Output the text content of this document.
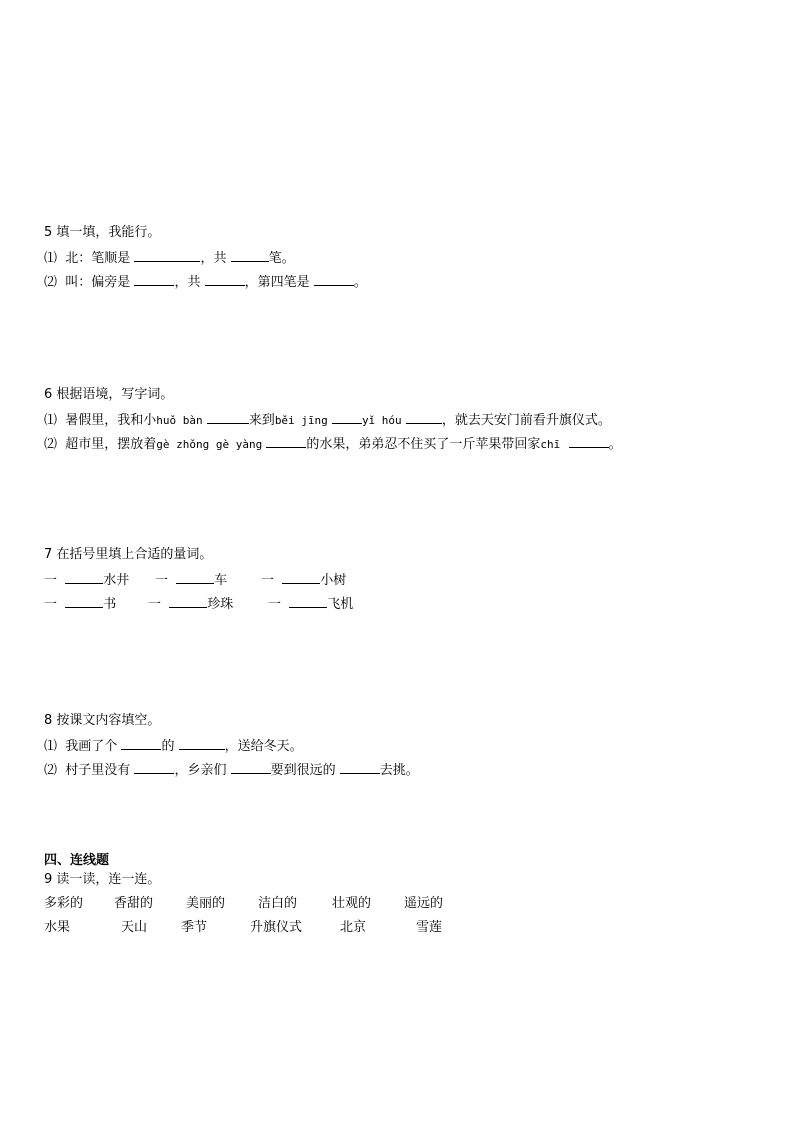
5 填一填，我能行。
⑴ 北：笔顺是	，共	笔。
⑵ 叫：偏旁是	，共	，第四笔是	。
6 根据语境，写字词。
⑴ 暑假里，我和小huǒ bàn	来到běi jīng	yǐ hóu	，就去天安门前看升旗仪式。
⑵ 超市里，摆放着gè zhǒng gè yàng	的水果，弟弟忍不住买了一斤苹果带回家chī	。
7 在括号里填上合适的量词。
一	水井 一	车	一	小树
一	书 一	珍珠	一	飞机
8 按课文内容填空。
⑴ 我画了个	的	，送给冬天。
⑵ 村子里没有	，乡亲们	要到很远的	去挑。
四、连线题
9 读一读，连一连。
多彩的 香甜的	美丽的	洁白的	壮观的	遥远的
水果	天山	季节	升旗仪式	北京	雪莲
